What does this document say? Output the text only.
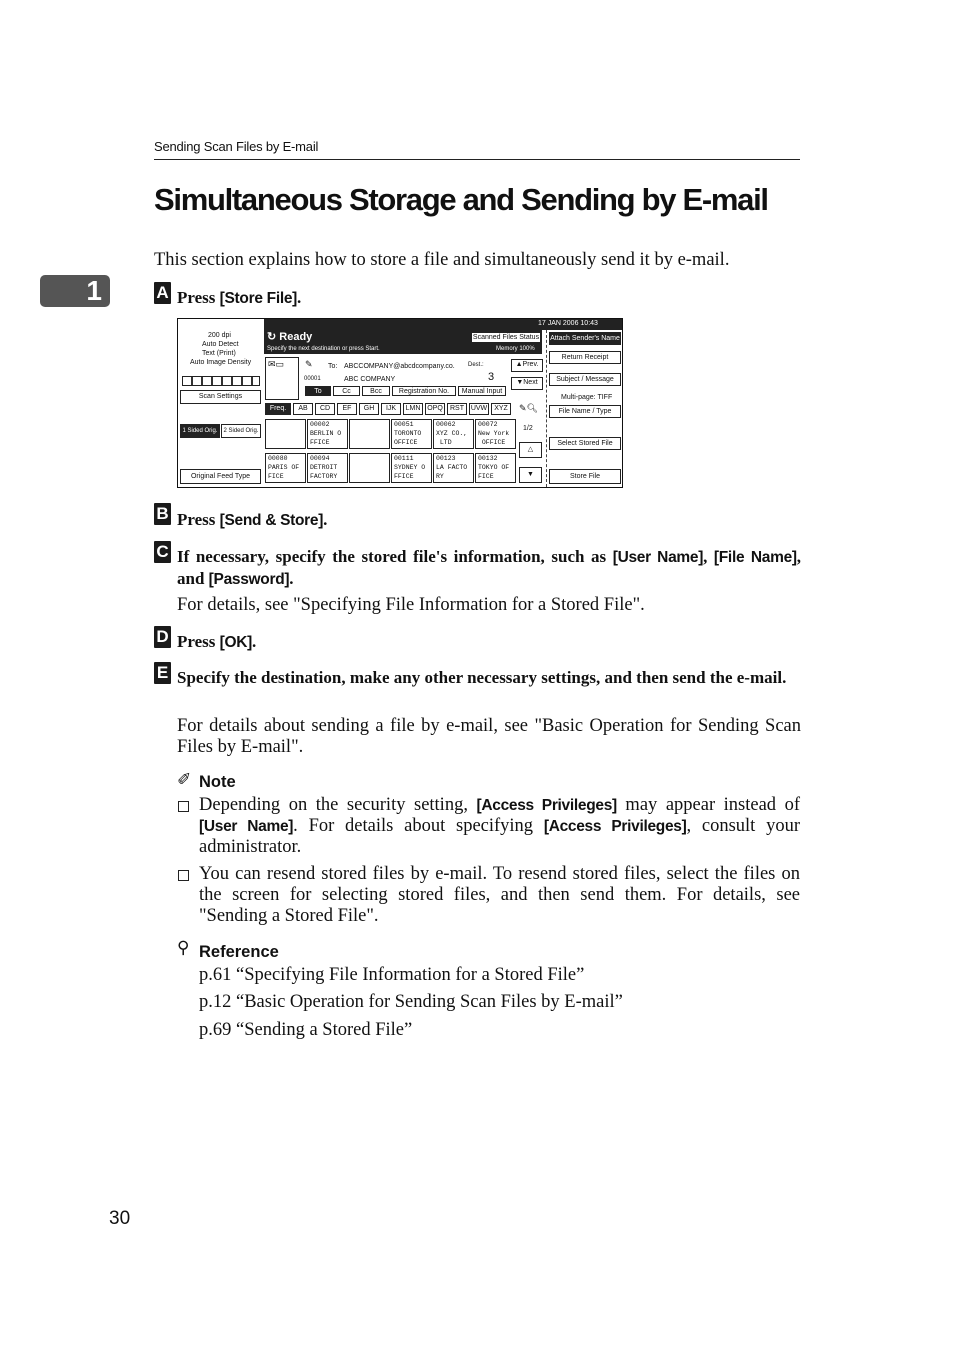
Sending Scan Files by E-mail
1
Simultaneous Storage and Sending by E-mail
This section explains how to store a file and simultaneously send it by e-mail.
A Press [Store File].
17 JAN 2006 10:43
200 dpi
Auto Detect
Text (Print)
Auto Image Density
Scan Settings
1 Sided Orig. 2 Sided Orig.
Original Feed Type
↻ Ready
Specify the next destination or press Start.
Scanned Files Status
Memory 100%
✉▭ ✎ To: ABCCOMPANY@abcdcompany.co.
00001	ABC COMPANY
Dest.:
3
▲Prev.
▼Next
To	Cc	Bcc	Registration No.	Manual Input
Freq.	AB	CD	EF	GH	IJK	LMN OPQ	RST UVW	XYZ	✎🔍︎
00001
ABC COMP
ANY
00002
BERLIN O
FFICE
00003
LONDON O
FFICE
00051
TORONTO
OFFICE
00062
XYZ CO.,
LTD
00072
New York
OFFICE
00080
PARIS OF
FICE
00094
DETROIT
FACTORY
00101
SAN FRAN
CISCO
00111
SYDNEY O
FFICE
00123
LA FACTO
RY
00132
TOKYO OF
FICE
1/2
△
▼
Attach Sender's Name
Return Receipt
Subject / Message
Multi-page: TIFF
File Name / Type
Select Stored File
Store File
B Press [Send & Store].
C If necessary, specify the stored file's information, such as [User Name], [File Name], and [Password].
For details, see "Specifying File Information for a Stored File".
D Press [OK].
E Specify the destination, make any other necessary settings, and then send the e-mail.
For details about sending a file by e-mail, see "Basic Operation for Sending Scan Files by E-mail".
✐ Note
Depending on the security setting, [Access Privileges] may appear instead of [User Name]. For details about specifying [Access Privileges], consult your administrator.
You can resend stored files by e-mail. To resend stored files, select the files on the screen for selecting stored files, and then send them. For details, see "Sending a Stored File".
⚲ Reference
p.61 “Specifying File Information for a Stored File”
p.12 “Basic Operation for Sending Scan Files by E-mail”
p.69 “Sending a Stored File”
30
